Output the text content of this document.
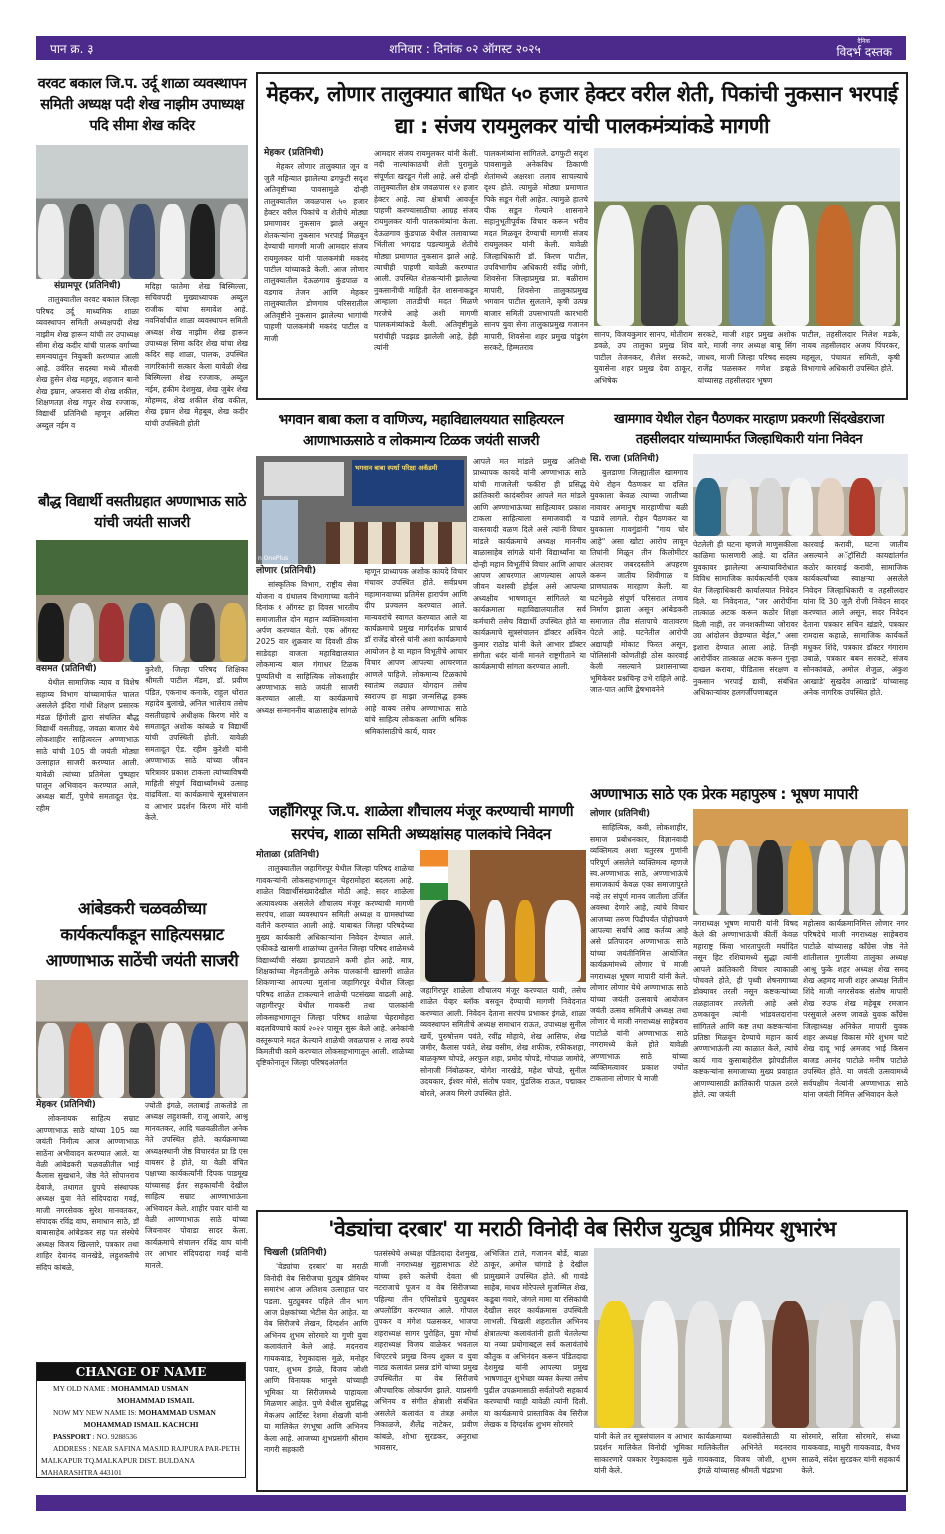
पान क्र. ३	शनिवार : दिनांक ०२ ऑगस्ट २०२५
दैनिक
विदर्भ दस्तक
वरवट बकाल जि.प. उर्दू शाळा व्यवस्थापन समिती अध्यक्ष पदी शेख नाझीम उपाध्यक्ष पदि सीमा शेख कदिर
संग्रामपूर (प्रतिनिधी)

तालुक्यातील वरवट बकाल जिल्हा परिषद उर्दू माध्यमिक शाळा व्यवस्थापन समिती अध्यक्षपदी शेख नाझीम शेख हारून यांची तर उपाध्यक्ष सीमा शेख कदीर यांची पालक वर्गाच्या समन्वयातुन नियुक्ती करण्यात आली आहे. उर्वरित सदस्या मध्ये मौलवी शेख हुसेन शेख महमूद, शहजान बानो शेख इम्रान, अफसरा बी शेख शकील, शिक्षणतज्ञ शेख गफूर शेख रज्जाक, विद्यार्थी प्रतिनिधी म्हणून अस्मिरा अब्दुल नईम व

मदिहा फातेमा शेख बिस्मिल्ला, सचिवपदी मुख्याध्यापक अब्दुल राजीक यांचा समावेश आहे. नवनिर्वाचीत शाळा व्यवस्थापन समिती अध्यक्ष शेख नाझीम शेख हारून उपाध्यक्ष सिमा कदिर शेख यांचा शेख कदिर सह शाळा, पालक, उपस्थित नागरिकांनी सत्कार केला यावेळी शेख बिस्मिल्ला शेख रज्जाक, अब्दुल नईम, हकीम देशमुख, शेख जुबेर शेख मोहम्मद, शेख शकील शेख वकील, शेख इम्रान शेख मेहबूब, शेख कदीर यांची उपस्थिती होती

मेहकर, लोणार तालुक्यात बाधित ५० हजार हेक्टर वरील शेती, पिकांची नुकसान भरपाई द्या : संजय रायमुलकर यांची पालकमंत्र्यांकडे मागणी
मेहकर (प्रतिनिधी)

मेहकर लोणार तालुक्यात जून व जुलै महिन्यात झालेल्या ढगफुटी सदृश अतिवृष्टीच्या पावसामुळे दोन्ही तालुक्यातील जवळपास ५० हजार हेक्टर वरील पिकांचे व शेतीचे मोठ्या प्रमाणावर नुकसान झाले असून शेतकऱ्यांना नुकसान भरपाई मिळवून देण्याची मागणी माजी आमदार संजय रायमुलकर यांनी पालकमंत्री मकरंद पाटील यांच्याकडे केली. आज लोणार तालुक्यातील देऊळगाव कुंडपाळ व वडगाव तेजन आणि मेहकर तालुक्यातील डोणगाव परिसरातील अतिवृष्टीने नुकसान झालेल्या भागांची पाहणी पालकमंत्री मकरंद पाटील व माजी

आमदार संजय रायमुलकर यांनी केली. नदी नाल्यांकाठची शेती पुरामुळे संपूर्णतः खरडून गेली आहे. असे दोन्ही तालुक्यातील क्षेत्र जवळपास १२ हजार हेक्टर आहे. त्या क्षेत्राची आवर्जून पाहणी करण्यासाठीचा आग्रह संजय रायमुलकर यांनी पालकमंत्र्यांना केला. देऊळगाव कुंडपाळ येथील तलावाच्या भिंतीला भगदाड पडल्यामुळे शेतीचे मोठ्या प्रमाणात नुकसान झाले आहे. त्याचीही पाहणी यावेळी करण्यात आली. उपस्थित शेतकऱ्यांनी झालेल्या नुकसानीची माहिती देत शासनाकडून आम्हाला तातडीची मदत मिळणे गरजेचे आहे अशी मागणी पालकमंत्र्यांकडे केली. अतिवृष्टीमुळे घरांचीही पडझड झालेली आहे, हेही त्यांनी

पालकमंत्र्यांना सांगितले. ढगफुटी सदृश पावसामुळे अनेकविध ठिकाणी शेतांमध्ये अक्षरशः तलाव साचल्याचे दृश्य होते. त्यामुळे मोठ्या प्रमाणात पिके सडून गेली आहेत. त्यामुळे हातचे पीक सडून गेल्याने शासनाने सहानुभूतीपूर्वक विचार करून भरीव मदत मिळवून देण्याची मागणी संजय रायमुलकर यांनी केली. यावेळी जिल्हाधिकारी डॉ. किरण पाटील, उपविभागीय अधिकारी रवींद्र जोगी, शिवसेना जिल्हाप्रमुख प्रा. बळीराम मापारी, शिवसेना तालुकाप्रमुख भगवान पाटील सुलताने, कृषी उत्पन्न बाजार समिती उपसभापती कारभारी सानप युवा सेना तालुकाप्रमुख गजानन मापारी, शिवसेना शहर प्रमुख पांडुरंग सरकटे, हिम्मतराव

सानप, विजयकुमार सानप, मोतीराम डवळे, उप तालुका प्रमुख शिव पाटील तेजनकर, शैलेश सरकटे, युवासेना शहर प्रमुख देवा ठाकूर, अभिषेक

सरकटे, माजी शहर प्रमुख अशोक वारे, माजी नगर अध्यक्ष बाबू सिंग जाधव, माजी जिल्हा परिषद सदस्य राजेंद्र पळसकर गणेश डव्हळे यांच्यासह तहसीलदार भूषण

पाटील, तहसीलदार निलेश मडके, नायब तहसीलदार अजय पिंपरकर, महसूल, पंचायत समिती, कृषी विभागाचे अधिकारी उपस्थित होते.

बौद्ध विद्यार्थी वसतीग्रहात अण्णाभाऊ साठे यांची जयंती साजरी
वसमत (प्रतिनिधी)

येथील सामाजिक न्याय व विशेष सहाय्य विभाग यांच्यामार्फत चालत असलेले इंदिरा गांधी शिक्षण प्रसारक मंडळ हिंगोली द्वारा संचलित बौद्ध विद्यार्थी वसतीग्रह, जवळा बाजार येथे लोकशाहीर साहित्यरत्न अण्णाभाऊ साठे यांची 105 वी जयंती मोठ्या उत्साहात साजरी करण्यात आली. यावेळी त्यांच्या प्रतिमेला पुष्पहार घालून अभिवादन करण्यात आले, अध्यक्ष बार्टी, पुणेचे समतादूत ऐड. रहीम

कुरेशी, जिल्हा परिषद शिक्षिका श्रीमती पाटील मॅडम, डॉ. प्रवीण पंडित, एकनाथ कनाके, राहुल थोरात महादेव बुलाखे, अनिल भालेराव तसेच वसतीग्रहाचे अधीक्षक किरण मोरे व समतादूत अशोक कांबळे व विद्यार्थी यांची उपस्थिती होती. यावेळी समतादूत ऐड. रहीम कुरेशी यांनी अण्णाभाऊ साठे यांच्या जीवन चरित्रावर प्रकाश टाकला त्यांच्याविषयी माहिती संपूर्ण विद्यार्थ्यांमध्ये उत्साह वाढविला. या कार्यक्रमाचे सूत्रसंचालन व आभार प्रदर्शन किरण मोरे यांनी केले.

भगवान बाबा कला व वाणिज्य, महाविद्यालययात साहित्यरत्न आणाभाऊसाठे व लोकमान्य टिळक जयंती साजरी
भगवान बाबा स्पर्धा परिक्षा अकॅडमी
n OnePlus
लोणार (प्रतिनिधी)

सांस्कृतिक विभाग, राष्ट्रीय सेवा योजना व ग्रंथालय विभागाच्या वतीने दिनांक १ ऑगस्ट हा दिवस भारतीय समाजातील दोन महान व्यक्तिमत्वांना अर्पण करण्यात येतो. एक ऑगस्ट 2025 वार शुक्रवार या दिवशी ठीक साडेदहा वाजता महाविद्यालयात लोकमान्य बाल गंगाधर टिळक पुण्यतिथी व साहित्यिक लोकशाहीर अण्णाभाऊ साठे जयंती साजरी करण्यात आली. या कार्यक्रमाचे अध्यक्ष सन्माननीय बाळासाहेब सांगळे

म्हणून प्राध्यापक अशोक कायदे विचार मंचावर उपस्थित होते. सर्वप्रथम महामानवाच्या प्रतिमेस हारार्पण आणि दीप प्रज्वलन करण्यात आले. मान्यवरांचे स्वागत करण्यात आले या कार्यक्रमाचे प्रमुख मार्गदर्शक प्राचार्य डॉ राजेंद्र बोरसे यांनी अशा कार्यक्रमाचे आयोजन हे या महान विभूतीचे आचार विचार आपण आपल्या आचरणात आणले पाहिजे. लोकमान्य टिळकांचे स्वातंत्र्य लढ्यात योगदान तसेच स्वराज्य हा माझा जन्मसिद्ध हक्क आहे वाक्य तसेच अण्णाभाऊ साठे यांचे साहित्य लोककला आणि श्रमिक श्रमिकांसाठीचे कार्य, यावर

आपले मत मांडले प्रमुख अतिथी प्राध्यापक कायदे यांनी अण्णाभाऊ साठे यांची गाजलेली फकीरा ही प्रसिद्ध क्रांतिकारी कादंबरीवर आपले मत मांडले आणि अण्णाभाऊंच्या साहित्यावर प्रकाश टाकला साहित्याला समाजवादी व वास्तवादी वळण दिले असे त्यांनी विचार मांडले कार्यक्रमाचे अध्यक्ष माननीय बाळासाहेब सांगळे यांनी विद्यार्थ्यांना या दोन्ही महान विभूतींचे विचार आणि आचार आपण आचरणात आणल्यास आपले जीवन यशस्वी होईल असे आपल्या अध्यक्षीय भाषणातून सांगितले या कार्यक्रमाला महाविद्यालयातील सर्व कर्मचारी तसेच विद्यार्थी उपस्थित होते या कार्यक्रमाचे सूत्रसंचालन डॉक्टर अश्विन कुमार राठोड यांनी केले आभार डॉक्टर संगीता धदंर यांनी मानले राष्ट्रगीताने या कार्यक्रमाची सांगता करण्यात आली.

खामगाव येथील रोहन पैठणकर मारहाण प्रकरणी सिंदखेडराजा तहसीलदार यांच्यामार्फत जिल्हाधिकारी यांना निवेदन
सि. राजा (प्रतिनिधी)

बुलडाणा जिल्ह्यातील खामगाव येथे रोहन पैठणकर या दलित युवकाला केवळ त्याच्या जातीच्या नावावर अमानुष मारहाणीचा बळी पडावे लागले. रोहन पैठणकर या युवकाला गावगुंडांनी "गाय चोर आहे" असा खोटा आरोप लावून तिघांनी मिळून तीन किलोमीटर अंतरावर जबरदस्तीने अपहरण करून जातीय शिवीगाळ व प्राणघातक मारहाण केली. या घटनेमुळे संपूर्ण परिसरात तणाव निर्माण झाला असून आंबेडकरी समाजात तीव्र संतापाचे वातावरण पेटले आहे. घटनेतील आरोपी अद्यापही मोकाट फिरत असून, पोलिसांनी कोणतीही ठोस कारवाई केली नसल्याने प्रशासनाच्या भूमिकेवर प्रश्नचिन्ह उभे राहिले आहे. जात-पात आणि द्वेषभावनेने

पेटलेली ही घटना म्हणजे माणुसकीला काळिमा फासणारी आहे. या दलित युवकावर झालेल्या अन्यायाविरोधात विविध सामाजिक कार्यकर्त्यांनी एकत्र येत जिल्हाधिकारी कार्यालयात निवेदन दिले. या निवेदनात, "जर आरोपींना तात्काळ अटक करून कठोर शिक्षा दिली नाही, तर जनशक्तीच्या जोरावर उग्र आंदोलन छेडण्यात येईल," असा इशारा देण्यात आला आहे. तिन्ही आरोपींवर तात्काळ अटक करून गुन्हा दाखल करावा, पीडितास संरक्षण व नुकसान भरपाई द्यावी, संबंधित अधिकाऱ्यांवर हलगर्जीपणाबद्दल

कारवाई करावी, घटना जातीय असल्याने अॅट्रॉसिटी कायद्यांतर्गत कठोर कारवाई करावी, सामाजिक कार्यकर्त्यांच्या स्वाक्षऱ्या असलेले निवेदन जिल्हाधिकारी व तहसीलदार यांना दि 30 जुलै रोजी निवेदन सादर करण्यात आले असून, सदर निवेदन देताना पत्रकार सचिन खंडारे, पत्रकार रामदास कहाळे, सामाजिक कार्यकर्ते मधुकर शिंदे, पत्रकार डॉक्टर गंगाराम उबाळे, पत्रकार बबन सरकटे, संजय सोनकांबळे, अमोल शेजुळ, अंकुश आखाडे' सुखदेव आखाडे' यांच्यासह अनेक नागरिक उपस्थित होते.

जहाँगिरपूर जि.प. शाळेला शौचालय मंजूर करण्याची मागणी सरपंच, शाळा समिती अध्यक्षांसह पालकांचे निवेदन
मोताळा (प्रतिनिधी)

तालुक्यातील जहागिरपूर येथील जिल्हा परिषद शाळेचा गावकऱ्यांनी लोकसहभागातून चेहरामोहरा बदलला आहे. शाळेत विद्यार्थीसंख्यादेखील मोठी आहे. सदर शाळेला अत्यावश्यक असलेले शौचालय मंजूर करण्याची मागणी सरपंच, शाळा व्यवस्थापन समिती अध्यक्ष व ग्रामस्थांच्या वतीने करण्यात आली आहे. याबाबत जिल्हा परिषदेच्या मुख्य कार्यकारी अधिकाऱ्यांना निवेदन देण्यात आले. एकीकडे खासगी शाळांच्या तुलनेत जिल्हा परिषद शाळेमध्ये विद्यार्थ्यांची संख्या झपाट्याने कमी होत आहे. मात्र, शिक्षकांच्या मेहनतीमुळे अनेक पालकांनी खासगी शाळेत शिकणाऱ्या आपल्या मुलांना जहागिरपूर येथील जिल्हा परिषद शाळेत टाकल्याने शाळेची पटसंख्या वाढली आहे. जहागीरपूर येथील गावकरी तथा पालकांनी लोकसहभागातून जिल्हा परिषद शाळेचा चेहरामोहरा बदलविण्याचे कार्य २०२२ पासून सुरू केले आहे. अनेकांनी वस्तूरूपाने मदत केल्याने शाळेची जवळपास २ लाख रुपये किमतीची कामे करण्यात लोकसहभागातून आली. शाळेच्या दृष्टिकोनातून जिल्हा परिषदअंतर्गत

जहागिरपूर शाळेला शौचालय मंजूर करण्यात यावी, तसेच शाळेत पेव्हर ब्लॉक बसवून देण्याची मागणी निवेदनात करण्यात आली. निवेदन देताना सरपंच प्रभाकर इंगळे, शाळा व्यवस्थापन समितीचे अध्यक्ष समाधान राऊत, उपाध्यक्ष सुनील खर्चे, पुरुषोत्तम पवंते, रवींद्र मोहाये, शेख आसिफ, शेख जमीर, कैलास पवंते, शेख वसीम, शेख शफीक, रफीकशहा, बाळकृष्ण चोपडे, अरफुल शहा, प्रमोद चोपडे, गोपाळ जामोदे, सोनाजी निंबोळकर, योगेश नारखेडे, महेश चोपडे, सुनील उदयकार, ईश्वर मोसे, संतोष पवार, पुंडलिक राऊत, पद्माकर बोरले, अजय मिरगे उपस्थित होते.

अण्णाभाऊ साठे एक प्रेरक महापुरुष : भूषण मापारी
लोणार (प्रतिनिधी)

साहित्यिक, कवी, लोकशाहीर, समाज प्रबोधनकार, विज्ञानवादी व्यक्तिमत्व अशा चतुरस्त्र गुणांनी परिपूर्ण असलेले व्यक्तिमत्व म्हणजे स्व.अण्णाभाऊ साठे, अण्णाभाऊंचे समाजकार्य केवळ एका समाजापुरते नव्हे तर संपूर्ण मानव जातीला उर्जित अवस्था देणारे आहे, त्यांचे विचार आजच्या तरुण पिढीपर्यंत पोहोचवणे आपल्या सर्वांचे आद्य कर्तव्य आहे असे प्रतिपादन अण्णाभाऊ साठे यांच्या जयंतीनिमित्त आयोजित कार्यक्रमांमध्ये लोणार चे माजी नगराध्यक्ष भूषण मापारी यांनी केले. लोणार लोणार येथे अण्णाभाऊ साठे यांच्या जयंती उत्सवाचे आयोजन जयंती उत्सव समितीचे अध्यक्ष तथा लोणार चे माजी नगराध्यक्ष साहेबराव पाटोळे यांनी अण्णाभाऊ साठे नगरामध्ये केले होते यावेळी अण्णाभाऊ साठे यांच्या व्यक्तिमत्वावर प्रकाश ज्योत टाकताना लोणार चे माजी

नगराध्यक्ष भूषण मापारी यांनी विषद केले की अण्णाभाऊंची कीर्ती केवळ महाराष्ट्र किंवा भारतापुरती मर्यादित नसून हिट रशियामध्ये सुद्धा त्यांनी आपले क्रांतिकारी विचार त्याकाळी पोचवले होते, ही पृथ्वी शेषनागाच्या डोक्यावर तरली नसून कष्टकऱ्यांच्या तळहातावर तरलेली आहे असे ठणकावून त्यांनी भांडवलदारांना सांगितले आणि कष्ट तथा कष्टकऱ्यांना प्रतिष्ठा मिळवून देण्याचे महान कार्य अण्णाभाऊंनी त्या काळात केले, त्यांचे कार्य गाव कुसाबाहेरील झोपडीतील कष्टकऱ्यांना समाजाच्या मुख्य प्रवाहात आणण्यासाठी क्रांतिकारी पाऊल ठरले होते. त्या जयंती

महोत्सव कार्यक्रमानिमित्त लोणार नगर परिषदेचे माजी नगराध्यक्ष साहेबराव पाटोळे यांच्यासह काँग्रेस जेष्ठ नेते शांतीलाल गुगलीया तालुका अध्यक्ष आश्रू फुके शहर अध्यक्ष शेख समद शेख अहमद माजी शहर अध्यक्ष नितीन शिंदे माजी नगरसेवक संतोष मापारी शेख रुउफ शेख महेबूब रमजान परसुवाले अरुण जावळे युवक काँग्रेस जिल्हाध्यक्ष अनिकेत मापारी युवक शहर अध्यक्ष विकास मोरे शुभम चाटे शेख दादू भाई अमजद भाई किसन बाजड आनंद पाटोळे मनीष पाटोळे उपस्थित होते. या जयंती उत्सवामध्ये सर्वपक्षीय नेत्यांनी अण्णाभाऊ साठे यांना जयंती निमित्त अभिवादन केले

आंबेडकरी चळवळीच्या कार्यकर्त्यांकडून साहित्यसम्राट आण्णाभाऊ साठेंची जयंती साजरी
मेहकर (प्रतिनिधी)

लोकनायक साहित्य सम्राट आण्णाभाऊ साठे यांच्या 105 व्या जयंती निमीत्य आज आण्णाभाऊ साठेंना अभीवादन करण्यात आले. या वेळी आंबेडकरी चळवळीतील भाई कैलास सुखधाने, जेष्ठ नेते सोपानराव देबाजे, तथागत ग्रुपचे संस्थापक अध्यक्ष युवा नेते संदिपदादा गवई, माजी नगरसेवक सुरेश मानवतकर, संपादक रविंद्र वाघ, समाधान साठे, डॉ बाबासाहेब आंबेडकर सह पत संस्थेचे अध्यक्ष विजय खिल्लारे, पत्रकार तथा शाहिर देवानंद वानखेडे, लहुशक्तीचे संदिप कांबळे,

ज्योती इंगळे, लताबाई ताकतोडे ता अध्यक्ष लहुशक्ती, राजू आवारे, आश्रू मानवतकर, आदि चळवळीतील अनेक नेते उपस्थित होते. कार्यक्रमाच्या अध्यक्षस्थानी जेष्ठ विचारवंत प्रा डि एस वायसर हे होते, या वेळी वंचित पक्षाच्या कार्यकर्त्यांनी दिपक पाडमूख यांच्यासह ईतर सहकार्यांनी देखील साहित्य सम्राट आण्णाभाऊंना अभिवादन केले. शाहीर पवार यांनी या वेळी आण्णाभाऊ साठे यांच्या जिवनावर पोवाडा सादर केला. कार्यक्रमाचे संचालन रविंद्र वाघ यांनी तर आभार संदिपदादा गवई यांनी मानले.

'वेड्यांचा दरबार' या मराठी विनोदी वेब सिरीज युट्युब प्रीमियर शुभारंभ
चिखली (प्रतिनिधी)

'वेड्यांचा दरबार' या मराठी विनोदी वेब सिरीजचा युट्युब प्रीमियर समारंभ आज अतिशय उत्साहात पार पडला. युट्युबवर पहिले तीन भाग आज प्रेक्षकांच्या भेटीस येत आहेत. या वेब सिरीजचे लेखन, दिग्दर्शन आणि अभिनय शुभम सोरमारे या गुणी युवा कलावंताने केले आहे. मदनराव गायकवाड, रेणुकादास मुळे, मनोहर पवार, शुभम इंगळे, विजय जोशी आणि विनायक भानुसे यांच्याही भूमिका या सिरीजमध्ये पाहायला मिळणार आहेत. पुणे येथील सुप्रसिद्ध मेकअप आर्टिस्ट रेशमा शेखजी यांनी या मालिकेत रंगभूषा आणि अभिनय केला आहे. आजच्या शुभप्रसंगी श्रीराम नागरी सहकारी

पतसंस्थेचे अध्यक्ष पंडितदादा देशमुख, माजी नगराध्यक्ष सुहासभाऊ शेटे यांच्या हस्ते कलेची देवता श्री नटराजाचे पूजन व वेब सिरीजच्या पहिल्या तीन एपिसोडचे युट्युबवर अपलोडिंग करण्यात आले. गोपाल तुपकर व मंगेश पळसकर, भाजपा शहराध्यक्ष सागर पुरोहित, युवा मोर्चा शहराध्यक्ष विजय वाळेकर भवताल थिएटरचे प्रमुख विनय शुक्ल व युवा नाट्य कलावंत प्रसन्न डांगे यांच्या प्रमुख उपस्थितीत या वेब सिरीजचे औपचारिक लोकार्पण झाले. याप्रसंगी अभिनय व संगीत क्षेत्राशी संबंधित असलेले कलावंत व तंत्रज्ञ अमोल निकाळजे, शैलेंद्र नाटेकर, प्रवीण कांबळे, शोभा सुरडकर, अनुराधा भावसार,

अभिजित टाले, गजानन बोर्डे, बाळा ठाकूर, अमोल चांगाडे हे देखील प्रामुख्याने उपस्थित होते. श्री गावंडे साहेब, माधव मोरेपल्ले मुजम्मिल शेख, कडूबा गवारे, जंगले मामा या रसिकांची देखील सदर कार्यक्रमास उपस्थिती लाभली. चिखली शहरातील अभिनय क्षेत्रातल्या कलावंतांनी हाती घेतलेल्या या नव्या प्रयोगाबद्दल सर्व कलावंतांचे कौतुक व अभिनंदन करून पंडितदादा देशमुख यांनी आपल्या प्रमुख भाषणातून शुभेच्छा व्यक्त केल्या तसेच पुढील उपक्रमासाठी सर्वतोपरी सहकार्य करण्याची ग्वाही यावेळी त्यांनी दिली. या कार्यक्रमाचे प्रास्ताविक वेब सिरीज लेखक व दिग्दर्शक शुभम सोरमारे

यांनी केले तर सूत्रसंचालन व आभार प्रदर्शन मालिकेत विनोदी भूमिका साकारणारे पत्रकार रेणुकादास मुळे यांनी केले.

कार्यक्रमाच्या यशस्वीतेसाठी या मालिकेतील अभिनेते मदनराव गायकवाड, विजय जोशी, शुभम इंगळे यांच्यासह श्रीमती चंद्रप्रभा

सोरमारे, सरिता सोरमारे, संध्या गायकवाड, माधुरी गायकवाड, वैभव साळवे, संदेश सुरडकर यांनी सहकार्य केले.

CHANGE OF NAME
MY OLD NAME : MOHAMMAD USMAN
MOHAMMAD ISMAIL
NOW MY NEW NAME IS: MOHAMMAD USMAN
MOHAMMAD ISMAIL KACHCHI
PASSPORT : NO. 9288536
ADDRESS : NEAR SAFINA MASJID RAJPURA PAR-PETH MALKAPUR TQ.MALKAPUR DIST. BULDANA MAHARASHTRA 443101
